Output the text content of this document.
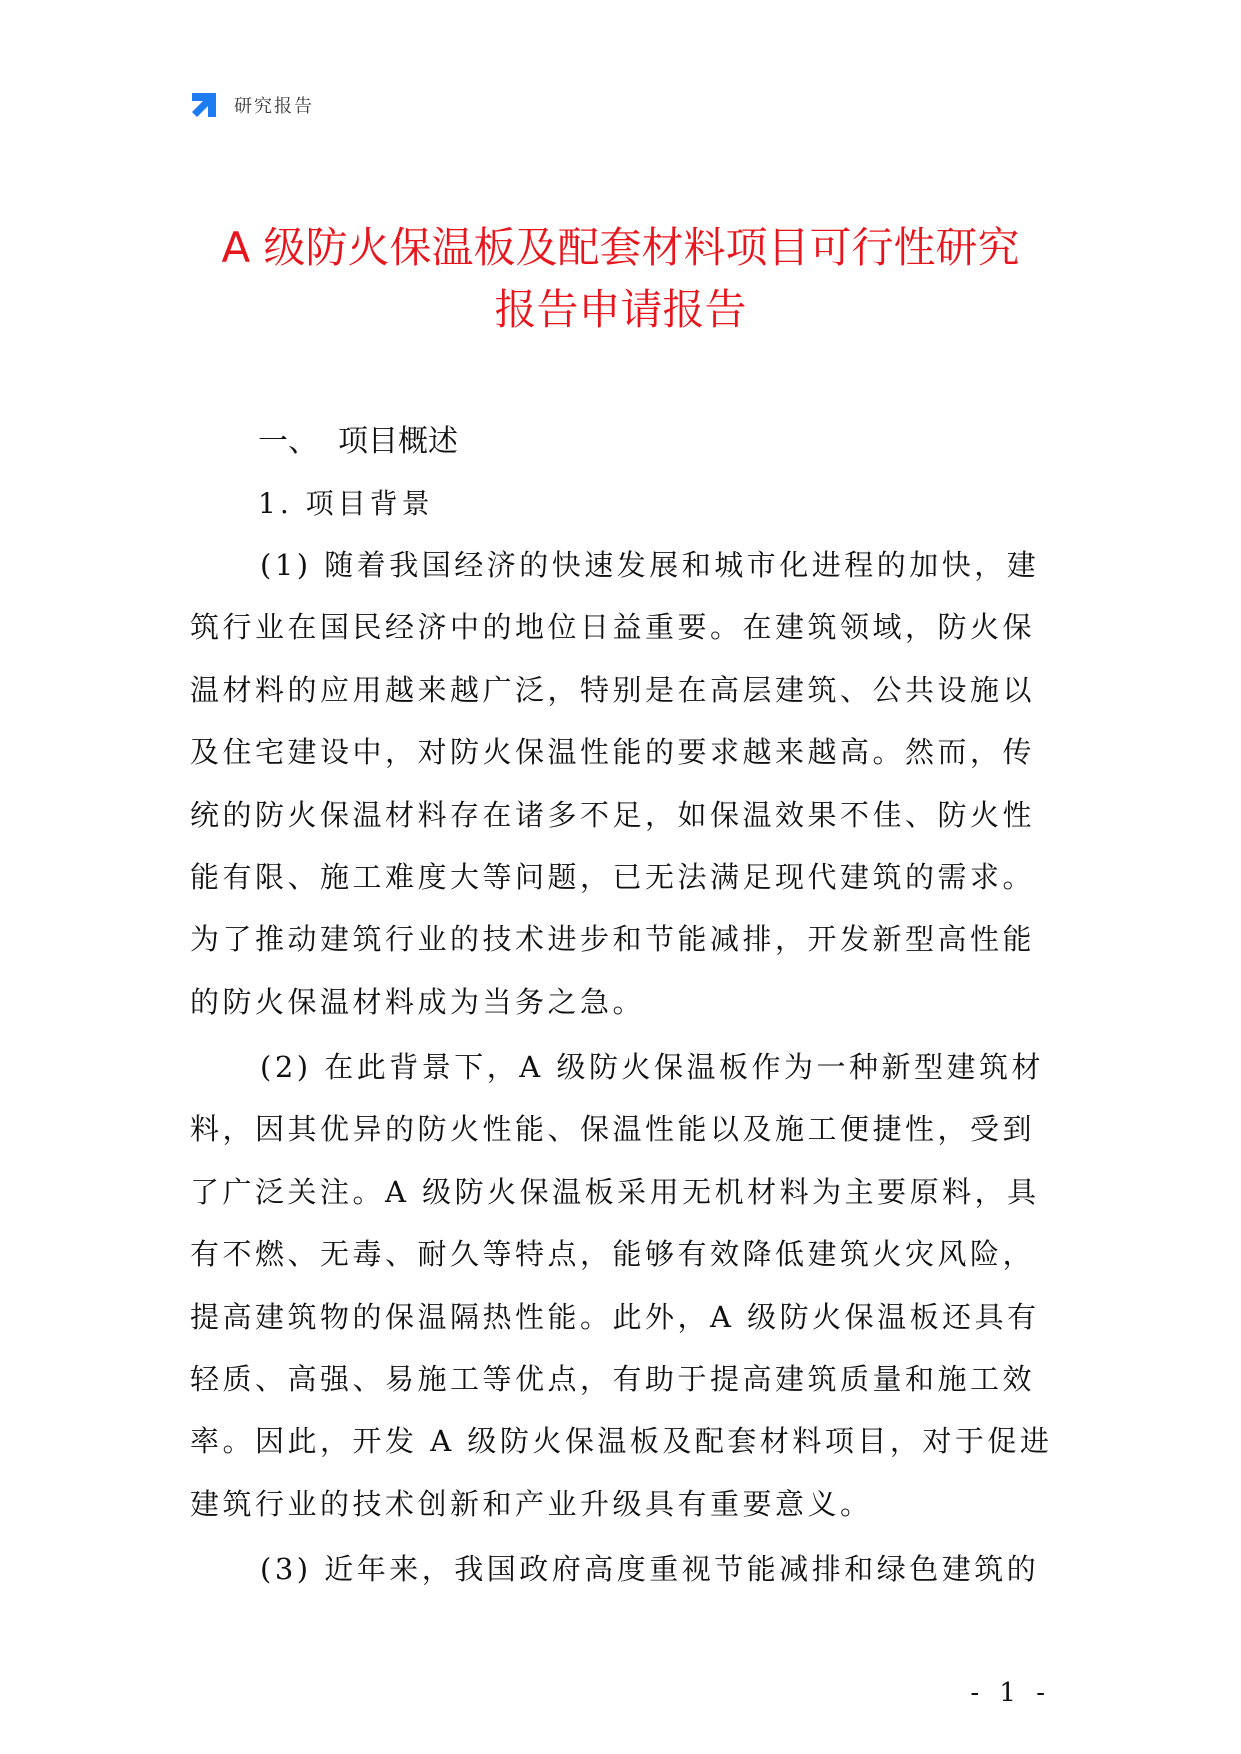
研究报告
A 级防火保温板及配套材料项目可行性研究
报告申请报告
一、 项目概述
1. 项目背景

(1) 随着我国经济的快速发展和城市化进程的加快，建
筑行业在国民经济中的地位日益重要。在建筑领域，防火保
温材料的应用越来越广泛，特别是在高层建筑、公共设施以
及住宅建设中，对防火保温性能的要求越来越高。然而，传
统的防火保温材料存在诸多不足，如保温效果不佳、防火性
能有限、施工难度大等问题，已无法满足现代建筑的需求。
为了推动建筑行业的技术进步和节能减排，开发新型高性能
的防火保温材料成为当务之急。

(2) 在此背景下，A 级防火保温板作为一种新型建筑材
料，因其优异的防火性能、保温性能以及施工便捷性，受到
了广泛关注。A 级防火保温板采用无机材料为主要原料，具
有不燃、无毒、耐久等特点，能够有效降低建筑火灾风险，
提高建筑物的保温隔热性能。此外，A 级防火保温板还具有
轻质、高强、易施工等优点，有助于提高建筑质量和施工效
率。因此，开发 A 级防火保温板及配套材料项目，对于促进
建筑行业的技术创新和产业升级具有重要意义。

(3) 近年来，我国政府高度重视节能减排和绿色建筑的

- 1 -
